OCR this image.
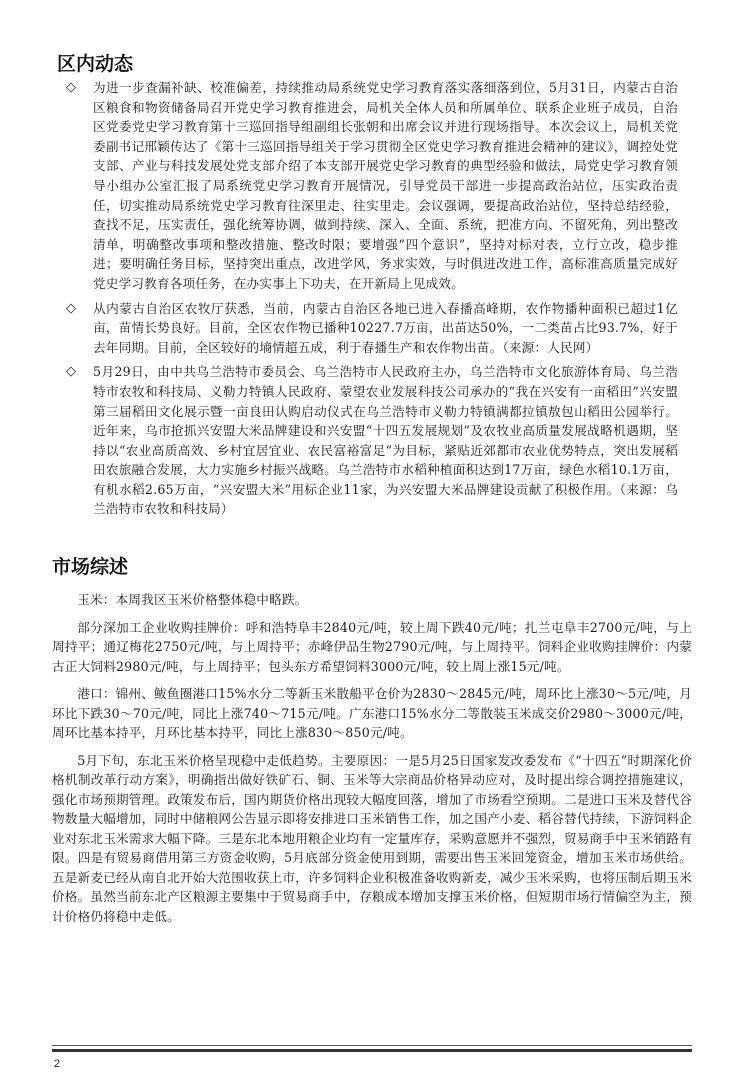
区内动态
◇ 为进一步查漏补缺、校准偏差，持续推动局系统党史学习教育落实落细落到位，5月31日，内蒙古自治区粮食和物资储备局召开党史学习教育推进会，局机关全体人员和所属单位、联系企业班子成员，自治区党委党史学习教育第十三巡回指导组副组长张朝和出席会议并进行现场指导。本次会议上，局机关党委副书记邢颖传达了《第十三巡回指导组关于学习贯彻全区党史学习教育推进会精神的建议》，调控处党支部、产业与科技发展处党支部介绍了本支部开展党史学习教育的典型经验和做法，局党史学习教育领导小组办公室汇报了局系统党史学习教育开展情况，引导党员干部进一步提高政治站位，压实政治责任，切实推动局系统党史学习教育往深里走、往实里走。会议强调，要提高政治站位，坚持总结经验，查找不足，压实责任，强化统筹协调，做到持续、深入、全面、系统，把准方向、不留死角，列出整改清单，明确整改事项和整改措施、整改时限；要增强“四个意识”，坚持对标对表，立行立改，稳步推进；要明确任务目标，坚持突出重点，改进学风，务求实效，与时俱进改进工作，高标准高质量完成好党史学习教育各项任务，在办实事上下功夫，在开新局上见成效。
◇ 从内蒙古自治区农牧厅获悉，当前，内蒙古自治区各地已进入春播高峰期，农作物播种面积已超过1亿亩，苗情长势良好。目前，全区农作物已播种10227.7万亩，出苗达50%，一二类苗占比93.7%，好于去年同期。目前，全区较好的墒情超五成，利于春播生产和农作物出苗。（来源：人民网）
◇ 5月29日，由中共乌兰浩特市委员会、乌兰浩特市人民政府主办，乌兰浩特市文化旅游体育局、乌兰浩特市农牧和科技局、义勒力特镇人民政府、蒙望农业发展科技公司承办的“我在兴安有一亩稻田”兴安盟第三届稻田文化展示暨一亩良田认购启动仪式在乌兰浩特市义勒力特镇满都拉镇敖包山稻田公园举行。 近年来，乌市抢抓兴安盟大米品牌建设和兴安盟“十四五发展规划”及农牧业高质量发展战略机遇期，坚持以“农业高质高效、乡村宜居宜业、农民富裕富足”为目标，紧贴近郊都市农业优势特点，突出发展稻田农旅融合发展，大力实施乡村振兴战略。乌兰浩特市水稻种植面积达到17万亩，绿色水稻10.1万亩，有机水稻2.65万亩，“兴安盟大米”用标企业11家，为兴安盟大米品牌建设贡献了积极作用。（来源：乌兰浩特市农牧和科技局）
市场综述

玉米：本周我区玉米价格整体稳中略跌。

部分深加工企业收购挂牌价：呼和浩特阜丰2840元/吨，较上周下跌40元/吨；扎兰屯阜丰2700元/吨，与上周持平；通辽梅花2750元/吨，与上周持平；赤峰伊品生物2790元/吨，与上周持平。饲料企业收购挂牌价：内蒙古正大饲料2980元/吨，与上周持平；包头东方希望饲料3000元/吨，较上周上涨15元/吨。

港口：锦州、鲅鱼圈港口15%水分二等新玉米散船平仓价为2830～2845元/吨，周环比上涨30～5元/吨，月环比下跌30～70元/吨，同比上涨740～715元/吨。广东港口15%水分二等散装玉米成交价2980～3000元/吨，周环比基本持平，月环比基本持平，同比上涨830～850元/吨。

5月下旬，东北玉米价格呈现稳中走低趋势。主要原因：一是5月25日国家发改委发布《“十四五”时期深化价格机制改革行动方案》，明确指出做好铁矿石、铜、玉米等大宗商品价格异动应对，及时提出综合调控措施建议，强化市场预期管理。政策发布后，国内期货价格出现较大幅度回落，增加了市场看空预期。二是进口玉米及替代谷物数量大幅增加，同时中储粮网公告显示即将安排进口玉米销售工作，加之国产小麦、稻谷替代持续，下游饲料企业对东北玉米需求大幅下降。三是东北本地用粮企业均有一定量库存，采购意愿并不强烈，贸易商手中玉米销路有限。四是有贸易商借用第三方资金收购，5月底部分资金使用到期，需要出售玉米回笼资金，增加玉米市场供给。五是新麦已经从南自北开始大范围收获上市，许多饲料企业积极准备收购新麦，减少玉米采购，也将压制后期玉米价格。虽然当前东北产区粮源主要集中于贸易商手中，存粮成本增加支撑玉米价格，但短期市场行情偏空为主，预计价格仍将稳中走低。

2
